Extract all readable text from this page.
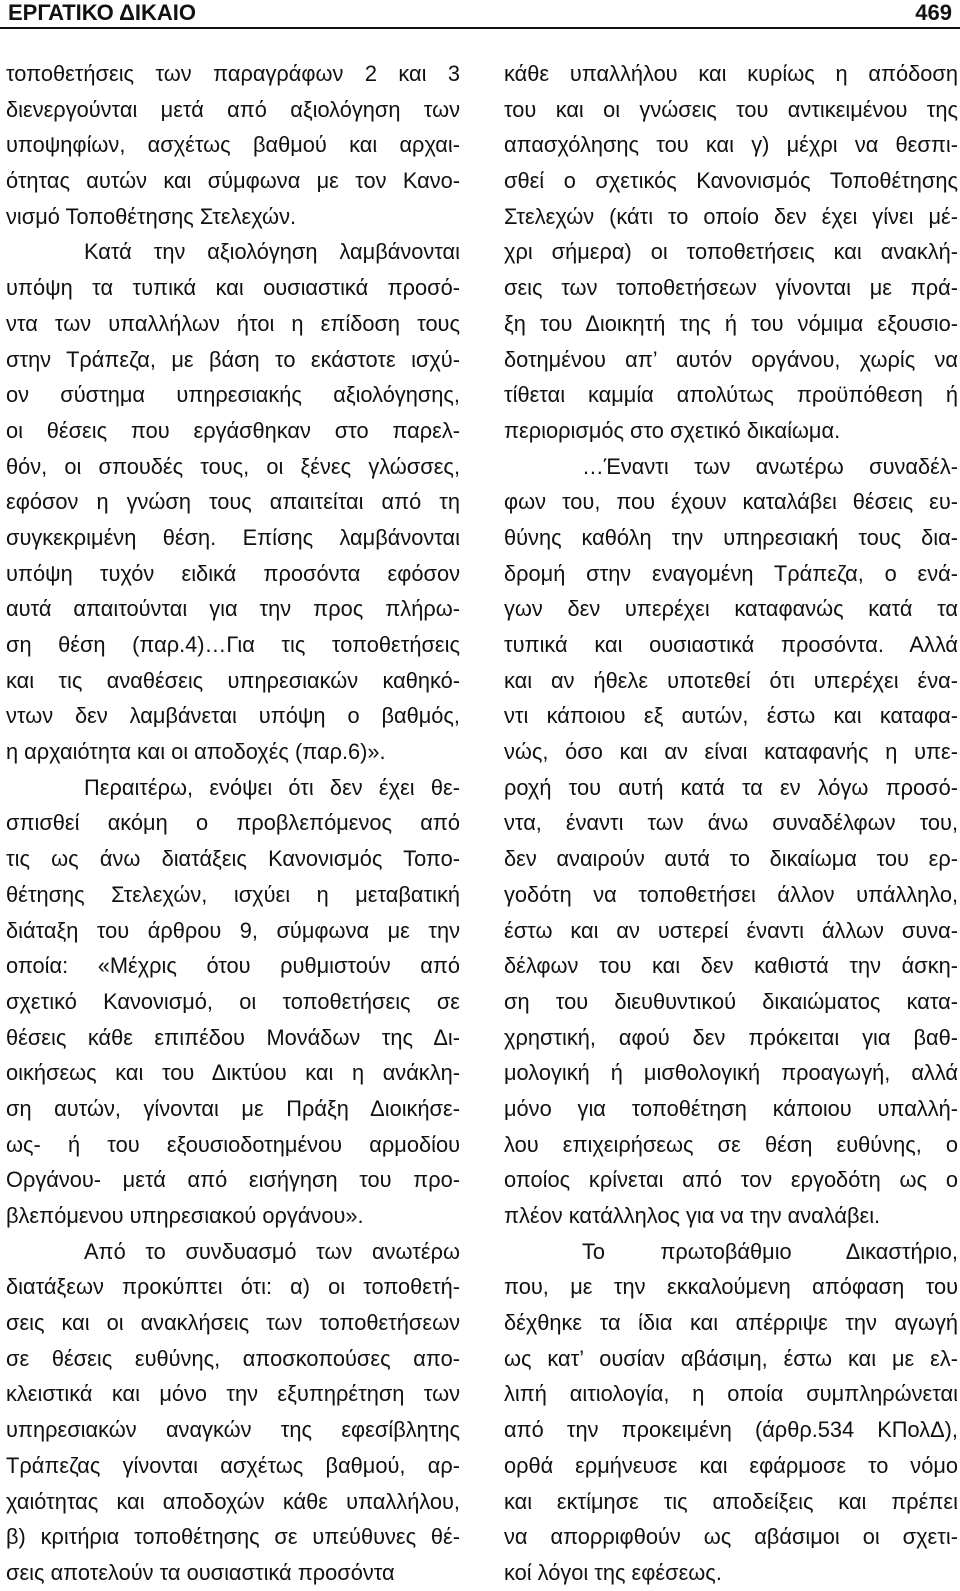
ΕΡΓΑΤΙΚΟ ΔΙΚΑΙΟ	469
τοποθετήσεις των παραγράφων 2 και 3
διενεργούνται μετά από αξιολόγηση των
υποψηφίων, ασχέτως βαθμού και αρχαι-
ότητας αυτών και σύμφωνα με τον Κανο-
νισμό Τοποθέτησης Στελεχών.
Κατά την αξιολόγηση λαμβάνονται
υπόψη τα τυπικά και ουσιαστικά προσό-
ντα των υπαλλήλων ήτοι η επίδοση τους
στην Τράπεζα, με βάση το εκάστοτε ισχύ-
ον σύστημα υπηρεσιακής αξιολόγησης,
οι θέσεις που εργάσθηκαν στο παρελ-
θόν, οι σπουδές τους, οι ξένες γλώσσες,
εφόσον η γνώση τους απαιτείται από τη
συγκεκριμένη θέση. Επίσης λαμβάνονται
υπόψη τυχόν ειδικά προσόντα εφόσον
αυτά απαιτούνται για την προς πλήρω-
ση θέση (παρ.4)…Για τις τοποθετήσεις
και τις αναθέσεις υπηρεσιακών καθηκό-
ντων δεν λαμβάνεται υπόψη ο βαθμός,
η αρχαιότητα και οι αποδοχές (παρ.6)».
Περαιτέρω, ενόψει ότι δεν έχει θε-
σπισθεί ακόμη ο προβλεπόμενος από
τις ως άνω διατάξεις Κανονισμός Τοπο-
θέτησης Στελεχών, ισχύει η μεταβατική
διάταξη του άρθρου 9, σύμφωνα με την
οποία: «Μέχρις ότου ρυθμιστούν από
σχετικό Κανονισμό, οι τοποθετήσεις σε
θέσεις κάθε επιπέδου Μονάδων της Δι-
οικήσεως και του Δικτύου και η ανάκλη-
ση αυτών, γίνονται με Πράξη Διοικήσε-
ως- ή του εξουσιοδοτημένου αρμοδίου
Οργάνου- μετά από εισήγηση του προ-
βλεπόμενου υπηρεσιακού οργάνου».
Από το συνδυασμό των ανωτέρω
διατάξεων προκύπτει ότι: α) οι τοποθετή-
σεις και οι ανακλήσεις των τοποθετήσεων
σε θέσεις ευθύνης, αποσκοπούσες απο-
κλειστικά και μόνο την εξυπηρέτηση των
υπηρεσιακών αναγκών της εφεσίβλητης
Τράπεζας γίνονται ασχέτως βαθμού, αρ-
χαιότητας και αποδοχών κάθε υπαλλήλου,
β) κριτήρια τοποθέτησης σε υπεύθυνες θέ-
σεις αποτελούν τα ουσιαστικά προσόντα
κάθε υπαλλήλου και κυρίως η απόδοση
του και οι γνώσεις του αντικειμένου της
απασχόλησης του και γ) μέχρι να θεσπι-
σθεί ο σχετικός Κανονισμός Τοποθέτησης
Στελεχών (κάτι το οποίο δεν έχει γίνει μέ-
χρι σήμερα) οι τοποθετήσεις και ανακλή-
σεις των τοποθετήσεων γίνονται με πρά-
ξη του Διοικητή της ή του νόμιμα εξουσιο-
δοτημένου απ’ αυτόν οργάνου, χωρίς να
τίθεται καμμία απολύτως προϋπόθεση ή
περιορισμός στο σχετικό δικαίωμα.
…Έναντι των ανωτέρω συναδέλ-
φων του, που έχουν καταλάβει θέσεις ευ-
θύνης καθόλη την υπηρεσιακή τους δια-
δρομή στην εναγομένη Τράπεζα, ο ενά-
γων δεν υπερέχει καταφανώς κατά τα
τυπικά και ουσιαστικά προσόντα. Αλλά
και αν ήθελε υποτεθεί ότι υπερέχει ένα-
ντι κάποιου εξ αυτών, έστω και καταφα-
νώς, όσο και αν είναι καταφανής η υπε-
ροχή του αυτή κατά τα εν λόγω προσό-
ντα, έναντι των άνω συναδέλφων του,
δεν αναιρούν αυτά το δικαίωμα του ερ-
γοδότη να τοποθετήσει άλλον υπάλληλο,
έστω και αν υστερεί έναντι άλλων συνα-
δέλφων του και δεν καθιστά την άσκη-
ση του διευθυντικού δικαιώματος κατα-
χρηστική, αφού δεν πρόκειται για βαθ-
μολογική ή μισθολογική προαγωγή, αλλά
μόνο για τοποθέτηση κάποιου υπαλλή-
λου επιχειρήσεως σε θέση ευθύνης, ο
οποίος κρίνεται από τον εργοδότη ως ο
πλέον κατάλληλος για να την αναλάβει.
Το πρωτοβάθμιο Δικαστήριο,
που, με την εκκαλούμενη απόφαση του
δέχθηκε τα ίδια και απέρριψε την αγωγή
ως κατ’ ουσίαν αβάσιμη, έστω και με ελ-
λιπή αιτιολογία, η οποία συμπληρώνεται
από την προκειμένη (άρθρ.534 ΚΠολΔ),
ορθά ερμήνευσε και εφάρμοσε το νόμο
και εκτίμησε τις αποδείξεις και πρέπει
να απορριφθούν ως αβάσιμοι οι σχετι-
κοί λόγοι της εφέσεως.
